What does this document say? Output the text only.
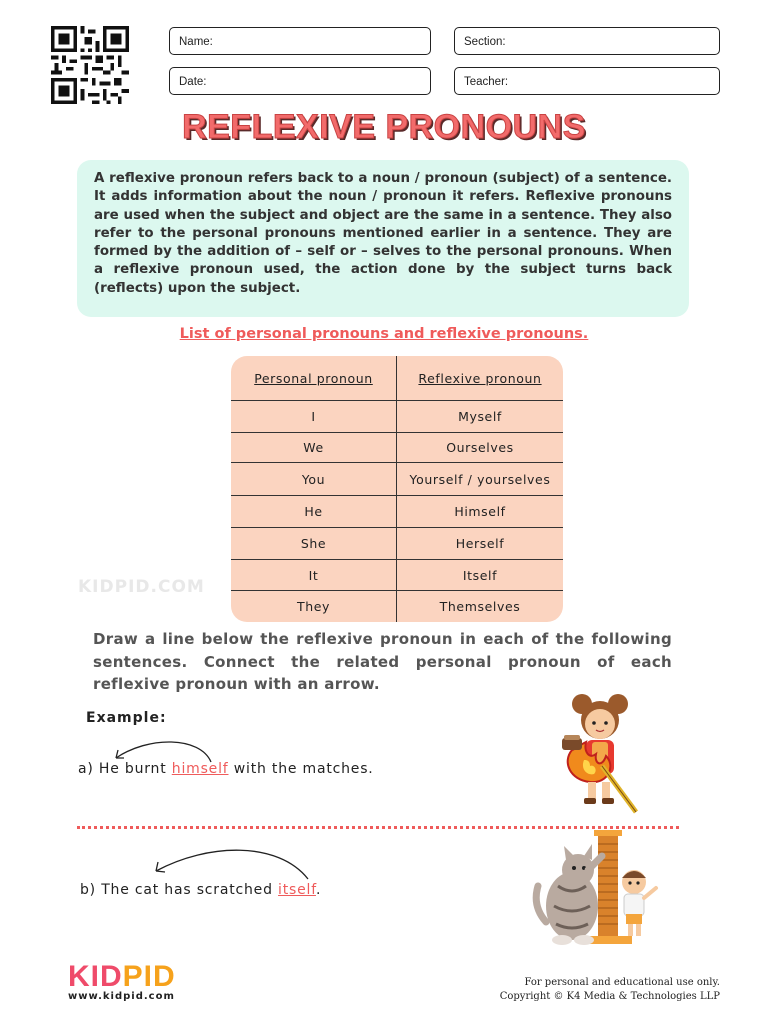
Name:	Section:
Date:	Teacher:
REFLEXIVE PRONOUNS
A reflexive pronoun refers back to a noun / pronoun (subject) of a sentence. It adds information about the noun / pronoun it refers. Reflexive pronouns are used when the subject and object are the same in a sentence. They also refer to the personal pronouns mentioned earlier in a sentence. They are formed by the addition of – self or – selves to the personal pronouns. When a reflexive pronoun used, the action done by the subject turns back (reflects) upon the subject.
List of personal pronouns and reflexive pronouns.
Personal pronoun	Reflexive pronoun
I	Myself
We	Ourselves
You	Yourself / yourselves
He	Himself
She	Herself
It	Itself
They	Themselves
KIDPID.COM
Draw a line below the reflexive pronoun in each of the following sentences. Connect the related personal pronoun of each reflexive pronoun with an arrow.
Example:
a) He burnt himself with the matches.
b) The cat has scratched itself.
KIDPID
www.kidpid.com
For personal and educational use only.
Copyright © K4 Media & Technologies LLP
